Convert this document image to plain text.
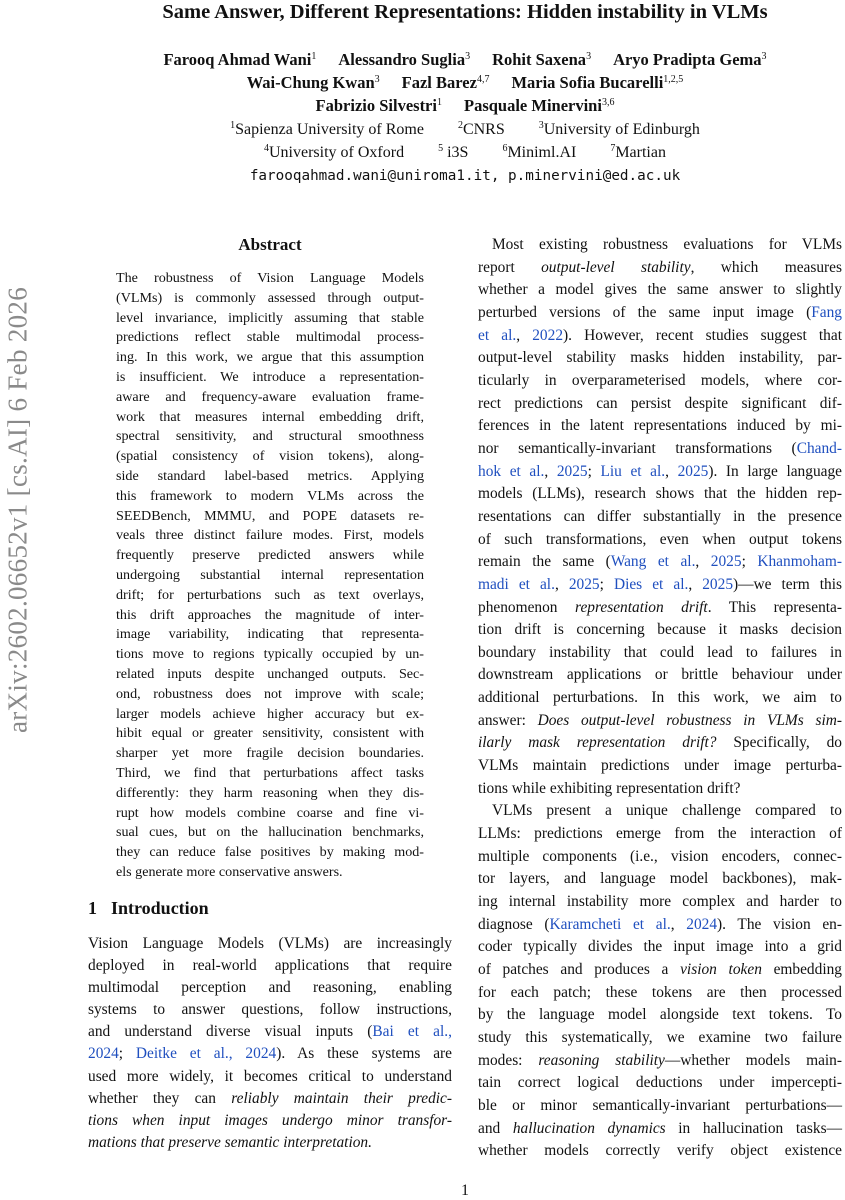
arXiv:2602.06652v1 [cs.AI] 6 Feb 2026
Same Answer, Different Representations: Hidden instability in VLMs
Farooq Ahmad Wani$^1$ Alessandro Suglia$^3$ Rohit Saxena$^3$ Aryo Pradipta Gema$^3$
Wai-Chung Kwan$^3$ Fazl Barez$^{4,7}$ Maria Sofia Bucarelli$^{1,2,5}$
Fabrizio Silvestri$^1$ Pasquale Minervini$^{3,6}$
$^1$Sapienza University of Rome	$^2$CNRS	$^3$University of Edinburgh
$^4$University of Oxford	$^5$ i3S	$^6$Miniml.AI	$^7$Martian
farooqahmad.wani@uniroma1.it, p.minervini@ed.ac.uk
Abstract
The robustness of Vision Language Models
(VLMs) is commonly assessed through output-
level invariance, implicitly assuming that stable
predictions reflect stable multimodal process-
ing. In this work, we argue that this assumption
is insufficient. We introduce a representation-
aware and frequency-aware evaluation frame-
work that measures internal embedding drift,
spectral sensitivity, and structural smoothness
(spatial consistency of vision tokens), along-
side standard label-based metrics. Applying
this framework to modern VLMs across the
SEEDBench, MMMU, and POPE datasets re-
veals three distinct failure modes. First, models
frequently preserve predicted answers while
undergoing substantial internal representation
drift; for perturbations such as text overlays,
this drift approaches the magnitude of inter-
image variability, indicating that representa-
tions move to regions typically occupied by un-
related inputs despite unchanged outputs. Sec-
ond, robustness does not improve with scale;
larger models achieve higher accuracy but ex-
hibit equal or greater sensitivity, consistent with
sharper yet more fragile decision boundaries.
Third, we find that perturbations affect tasks
differently: they harm reasoning when they dis-
rupt how models combine coarse and fine vi-
sual cues, but on the hallucination benchmarks,
they can reduce false positives by making mod-
els generate more conservative answers.
1 Introduction
Vision Language Models (VLMs) are increasingly
deployed in real-world applications that require
multimodal perception and reasoning, enabling
systems to answer questions, follow instructions,
and understand diverse visual inputs (Bai et al.,
2024; Deitke et al., 2024). As these systems are
used more widely, it becomes critical to understand
whether they can reliably maintain their predic-
tions when input images undergo minor transfor-
mations that preserve semantic interpretation.
Most existing robustness evaluations for VLMs
report output-level stability, which measures
whether a model gives the same answer to slightly
perturbed versions of the same input image (Fang
et al., 2022). However, recent studies suggest that
output-level stability masks hidden instability, par-
ticularly in overparameterised models, where cor-
rect predictions can persist despite significant dif-
ferences in the latent representations induced by mi-
nor semantically-invariant transformations (Chand-
hok et al., 2025; Liu et al., 2025). In large language
models (LLMs), research shows that the hidden rep-
resentations can differ substantially in the presence
of such transformations, even when output tokens
remain the same (Wang et al., 2025; Khanmoham-
madi et al., 2025; Dies et al., 2025)—we term this
phenomenon representation drift. This representa-
tion drift is concerning because it masks decision
boundary instability that could lead to failures in
downstream applications or brittle behaviour under
additional perturbations. In this work, we aim to
answer: Does output-level robustness in VLMs sim-
ilarly mask representation drift? Specifically, do
VLMs maintain predictions under image perturba-
tions while exhibiting representation drift?
VLMs present a unique challenge compared to
LLMs: predictions emerge from the interaction of
multiple components (i.e., vision encoders, connec-
tor layers, and language model backbones), mak-
ing internal instability more complex and harder to
diagnose (Karamcheti et al., 2024). The vision en-
coder typically divides the input image into a grid
of patches and produces a vision token embedding
for each patch; these tokens are then processed
by the language model alongside text tokens. To
study this systematically, we examine two failure
modes: reasoning stability—whether models main-
tain correct logical deductions under impercepti-
ble or minor semantically-invariant perturbations—
and hallucination dynamics in hallucination tasks—
whether models correctly verify object existence
1
